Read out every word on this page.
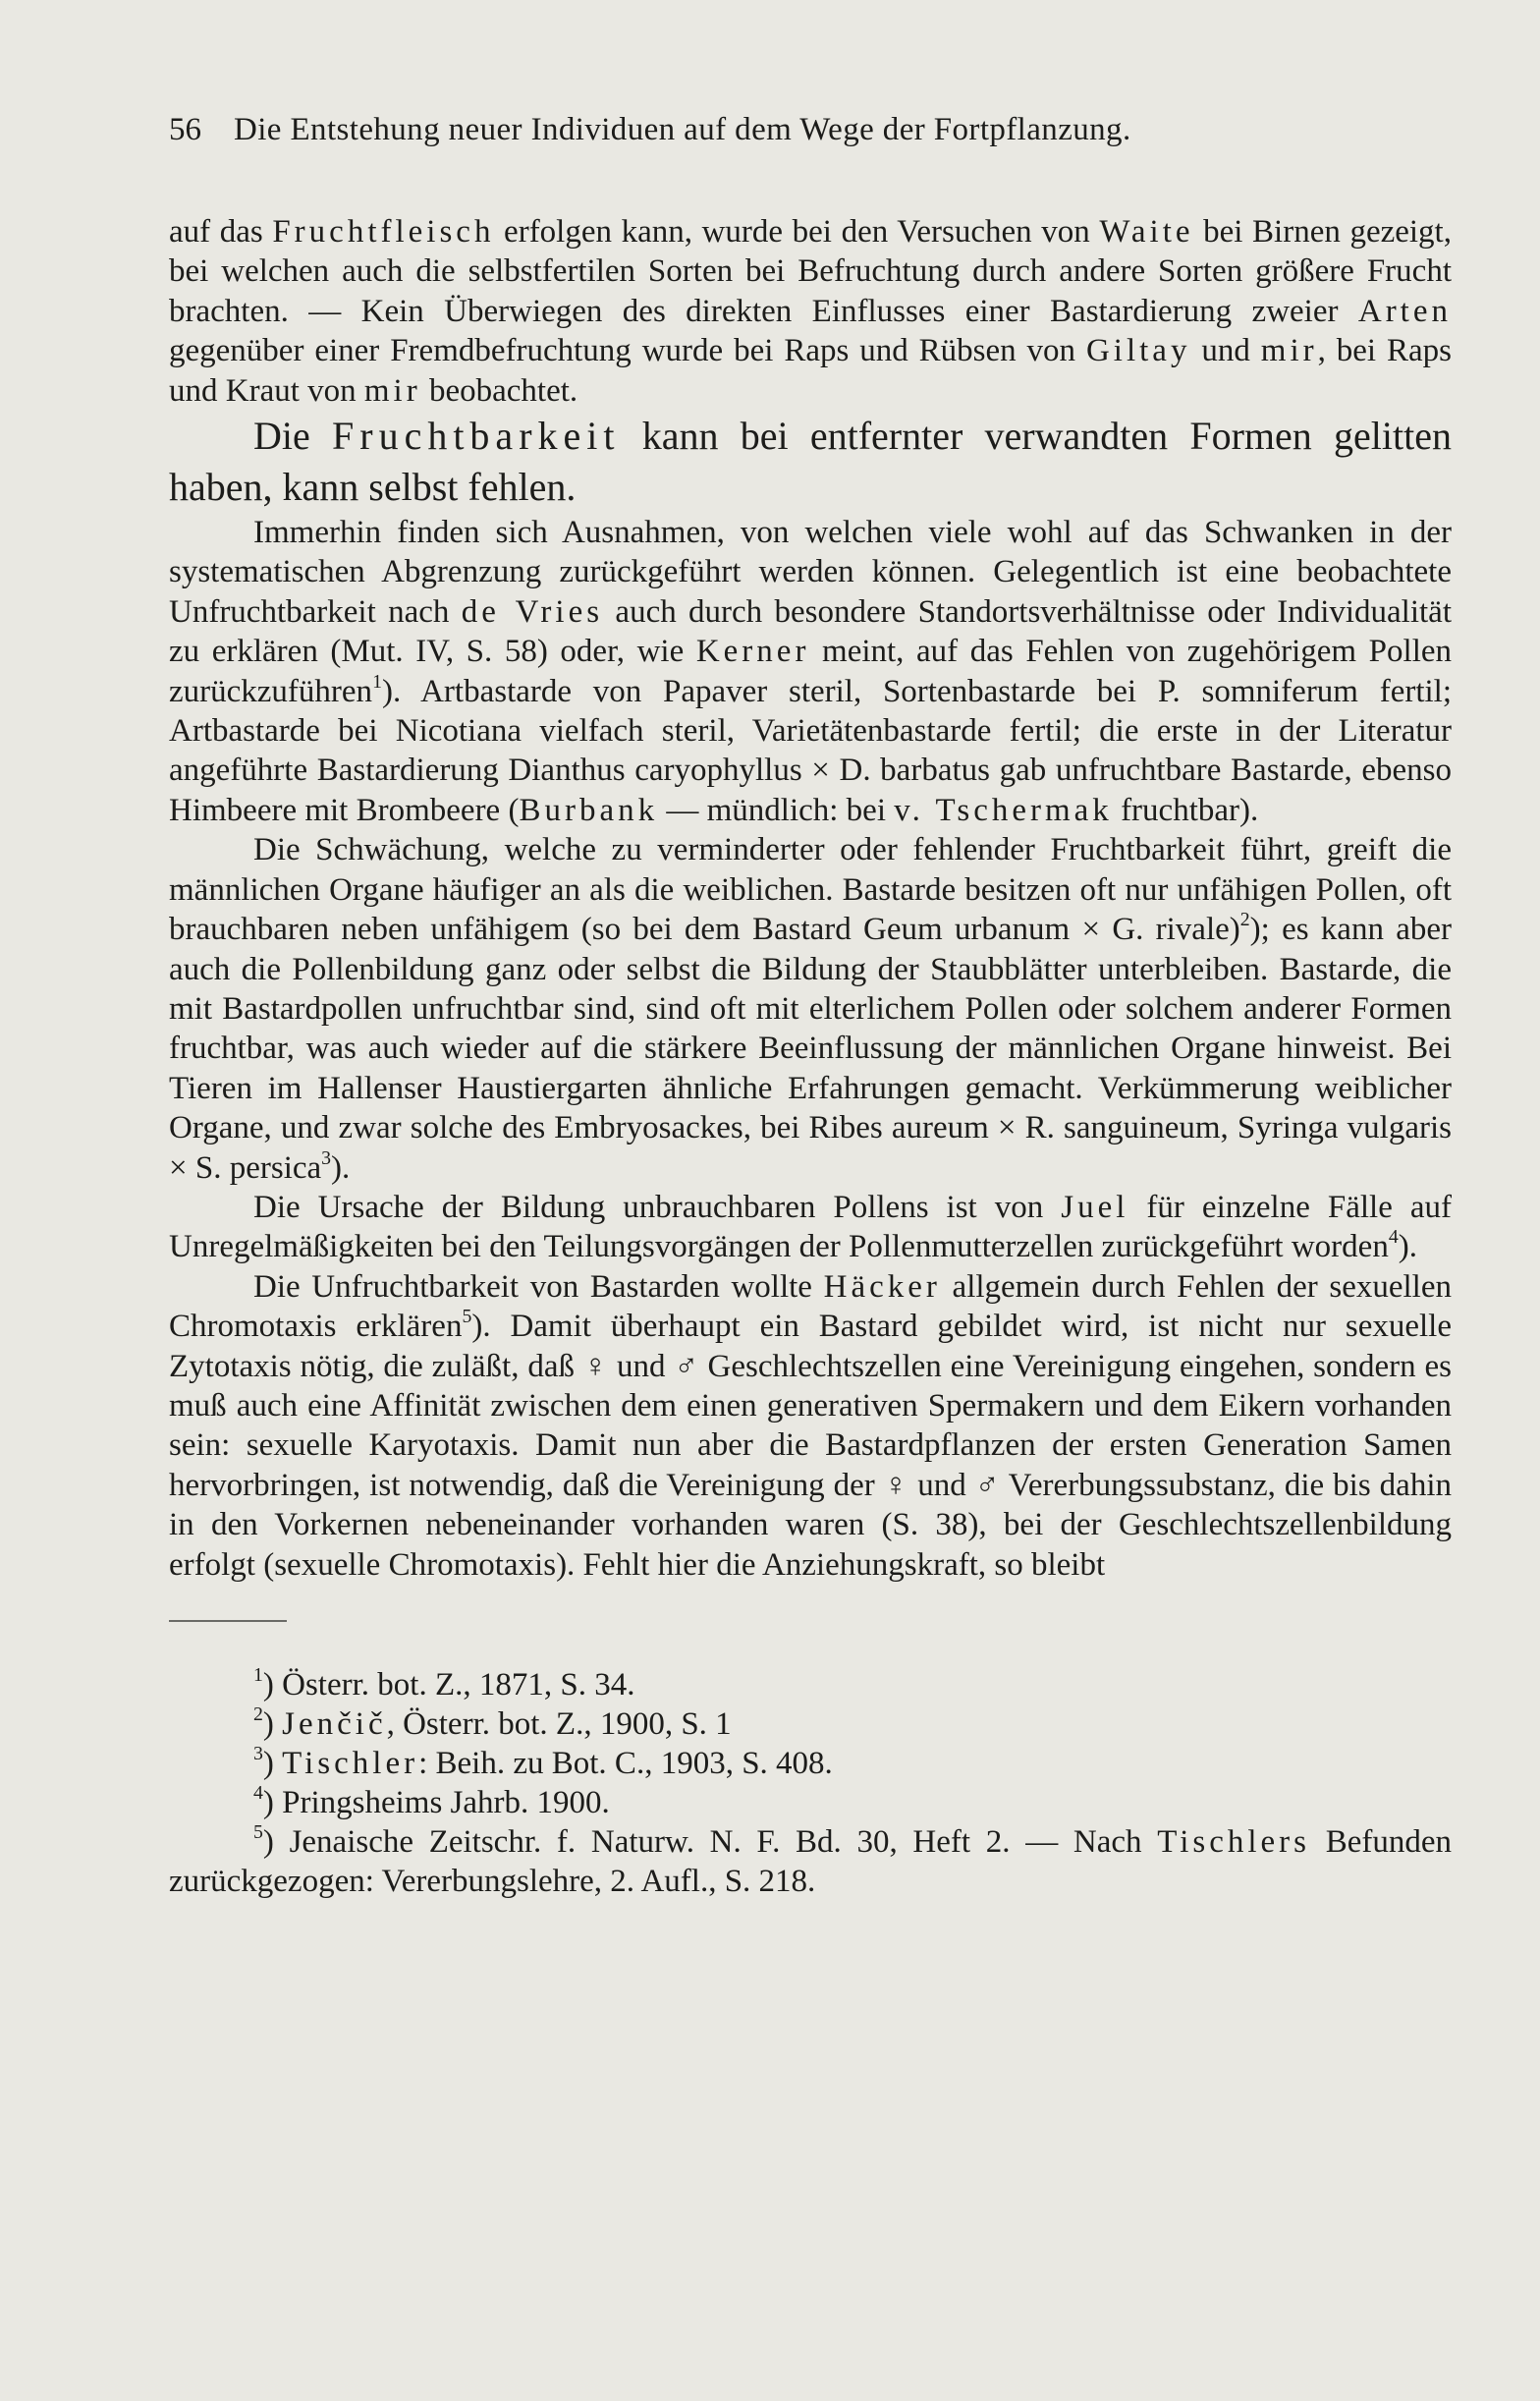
56	Die Entstehung neuer Individuen auf dem Wege der Fortpflanzung.

auf das Fruchtfleisch erfolgen kann, wurde bei den Versuchen von Waite bei Birnen gezeigt, bei welchen auch die selbstfertilen Sorten bei Befruchtung durch andere Sorten größere Frucht brachten. — Kein Überwiegen des direkten Einflusses einer Bastardierung zweier Arten gegenüber einer Fremdbefruchtung wurde bei Raps und Rübsen von Giltay und mir, bei Raps und Kraut von mir beobachtet.

Die Fruchtbarkeit kann bei entfernter verwandten Formen gelitten haben, kann selbst fehlen.

Immerhin finden sich Ausnahmen, von welchen viele wohl auf das Schwanken in der systematischen Abgrenzung zurückgeführt werden können. Gelegentlich ist eine beobachtete Unfruchtbarkeit nach de Vries auch durch besondere Standortsverhältnisse oder Individualität zu erklären (Mut. IV, S. 58) oder, wie Kerner meint, auf das Fehlen von zugehörigem Pollen zurückzuführen$^1$). Artbastarde von Papaver steril, Sortenbastarde bei P. somniferum fertil; Artbastarde bei Nicotiana vielfach steril, Varietätenbastarde fertil; die erste in der Literatur angeführte Bastardierung Dianthus caryophyllus × D. barbatus gab unfruchtbare Bastarde, ebenso Himbeere mit Brombeere (Burbank — mündlich: bei v. Tschermak fruchtbar).

Die Schwächung, welche zu verminderter oder fehlender Fruchtbarkeit führt, greift die männlichen Organe häufiger an als die weiblichen. Bastarde besitzen oft nur unfähigen Pollen, oft brauchbaren neben unfähigem (so bei dem Bastard Geum urbanum × G. rivale)$^2$); es kann aber auch die Pollenbildung ganz oder selbst die Bildung der Staubblätter unterbleiben. Bastarde, die mit Bastardpollen unfruchtbar sind, sind oft mit elterlichem Pollen oder solchem anderer Formen fruchtbar, was auch wieder auf die stärkere Beeinflussung der männlichen Organe hinweist. Bei Tieren im Hallenser Haustiergarten ähnliche Erfahrungen gemacht. Verkümmerung weiblicher Organe, und zwar solche des Embryosackes, bei Ribes aureum × R. sanguineum, Syringa vulgaris × S. persica$^3$).

Die Ursache der Bildung unbrauchbaren Pollens ist von Juel für einzelne Fälle auf Unregelmäßigkeiten bei den Teilungsvorgängen der Pollenmutterzellen zurückgeführt worden$^4$).

Die Unfruchtbarkeit von Bastarden wollte Häcker allgemein durch Fehlen der sexuellen Chromotaxis erklären$^5$). Damit überhaupt ein Bastard gebildet wird, ist nicht nur sexuelle Zytotaxis nötig, die zuläßt, daß ♀ und ♂ Geschlechtszellen eine Vereinigung eingehen, sondern es muß auch eine Affinität zwischen dem einen generativen Spermakern und dem Eikern vorhanden sein: sexuelle Karyotaxis. Damit nun aber die Bastardpflanzen der ersten Generation Samen hervorbringen, ist notwendig, daß die Vereinigung der ♀ und ♂ Vererbungssubstanz, die bis dahin in den Vorkernen nebeneinander vorhanden waren (S. 38), bei der Geschlechtszellenbildung erfolgt (sexuelle Chromotaxis). Fehlt hier die Anziehungskraft, so bleibt

$^1$) Österr. bot. Z., 1871, S. 34.

$^2$) Jenčič, Österr. bot. Z., 1900, S. 1

$^3$) Tischler: Beih. zu Bot. C., 1903, S. 408.

$^4$) Pringsheims Jahrb. 1900.

$^5$) Jenaische Zeitschr. f. Naturw. N. F. Bd. 30, Heft 2. — Nach Tischlers Befunden zurückgezogen: Vererbungslehre, 2. Aufl., S. 218.
